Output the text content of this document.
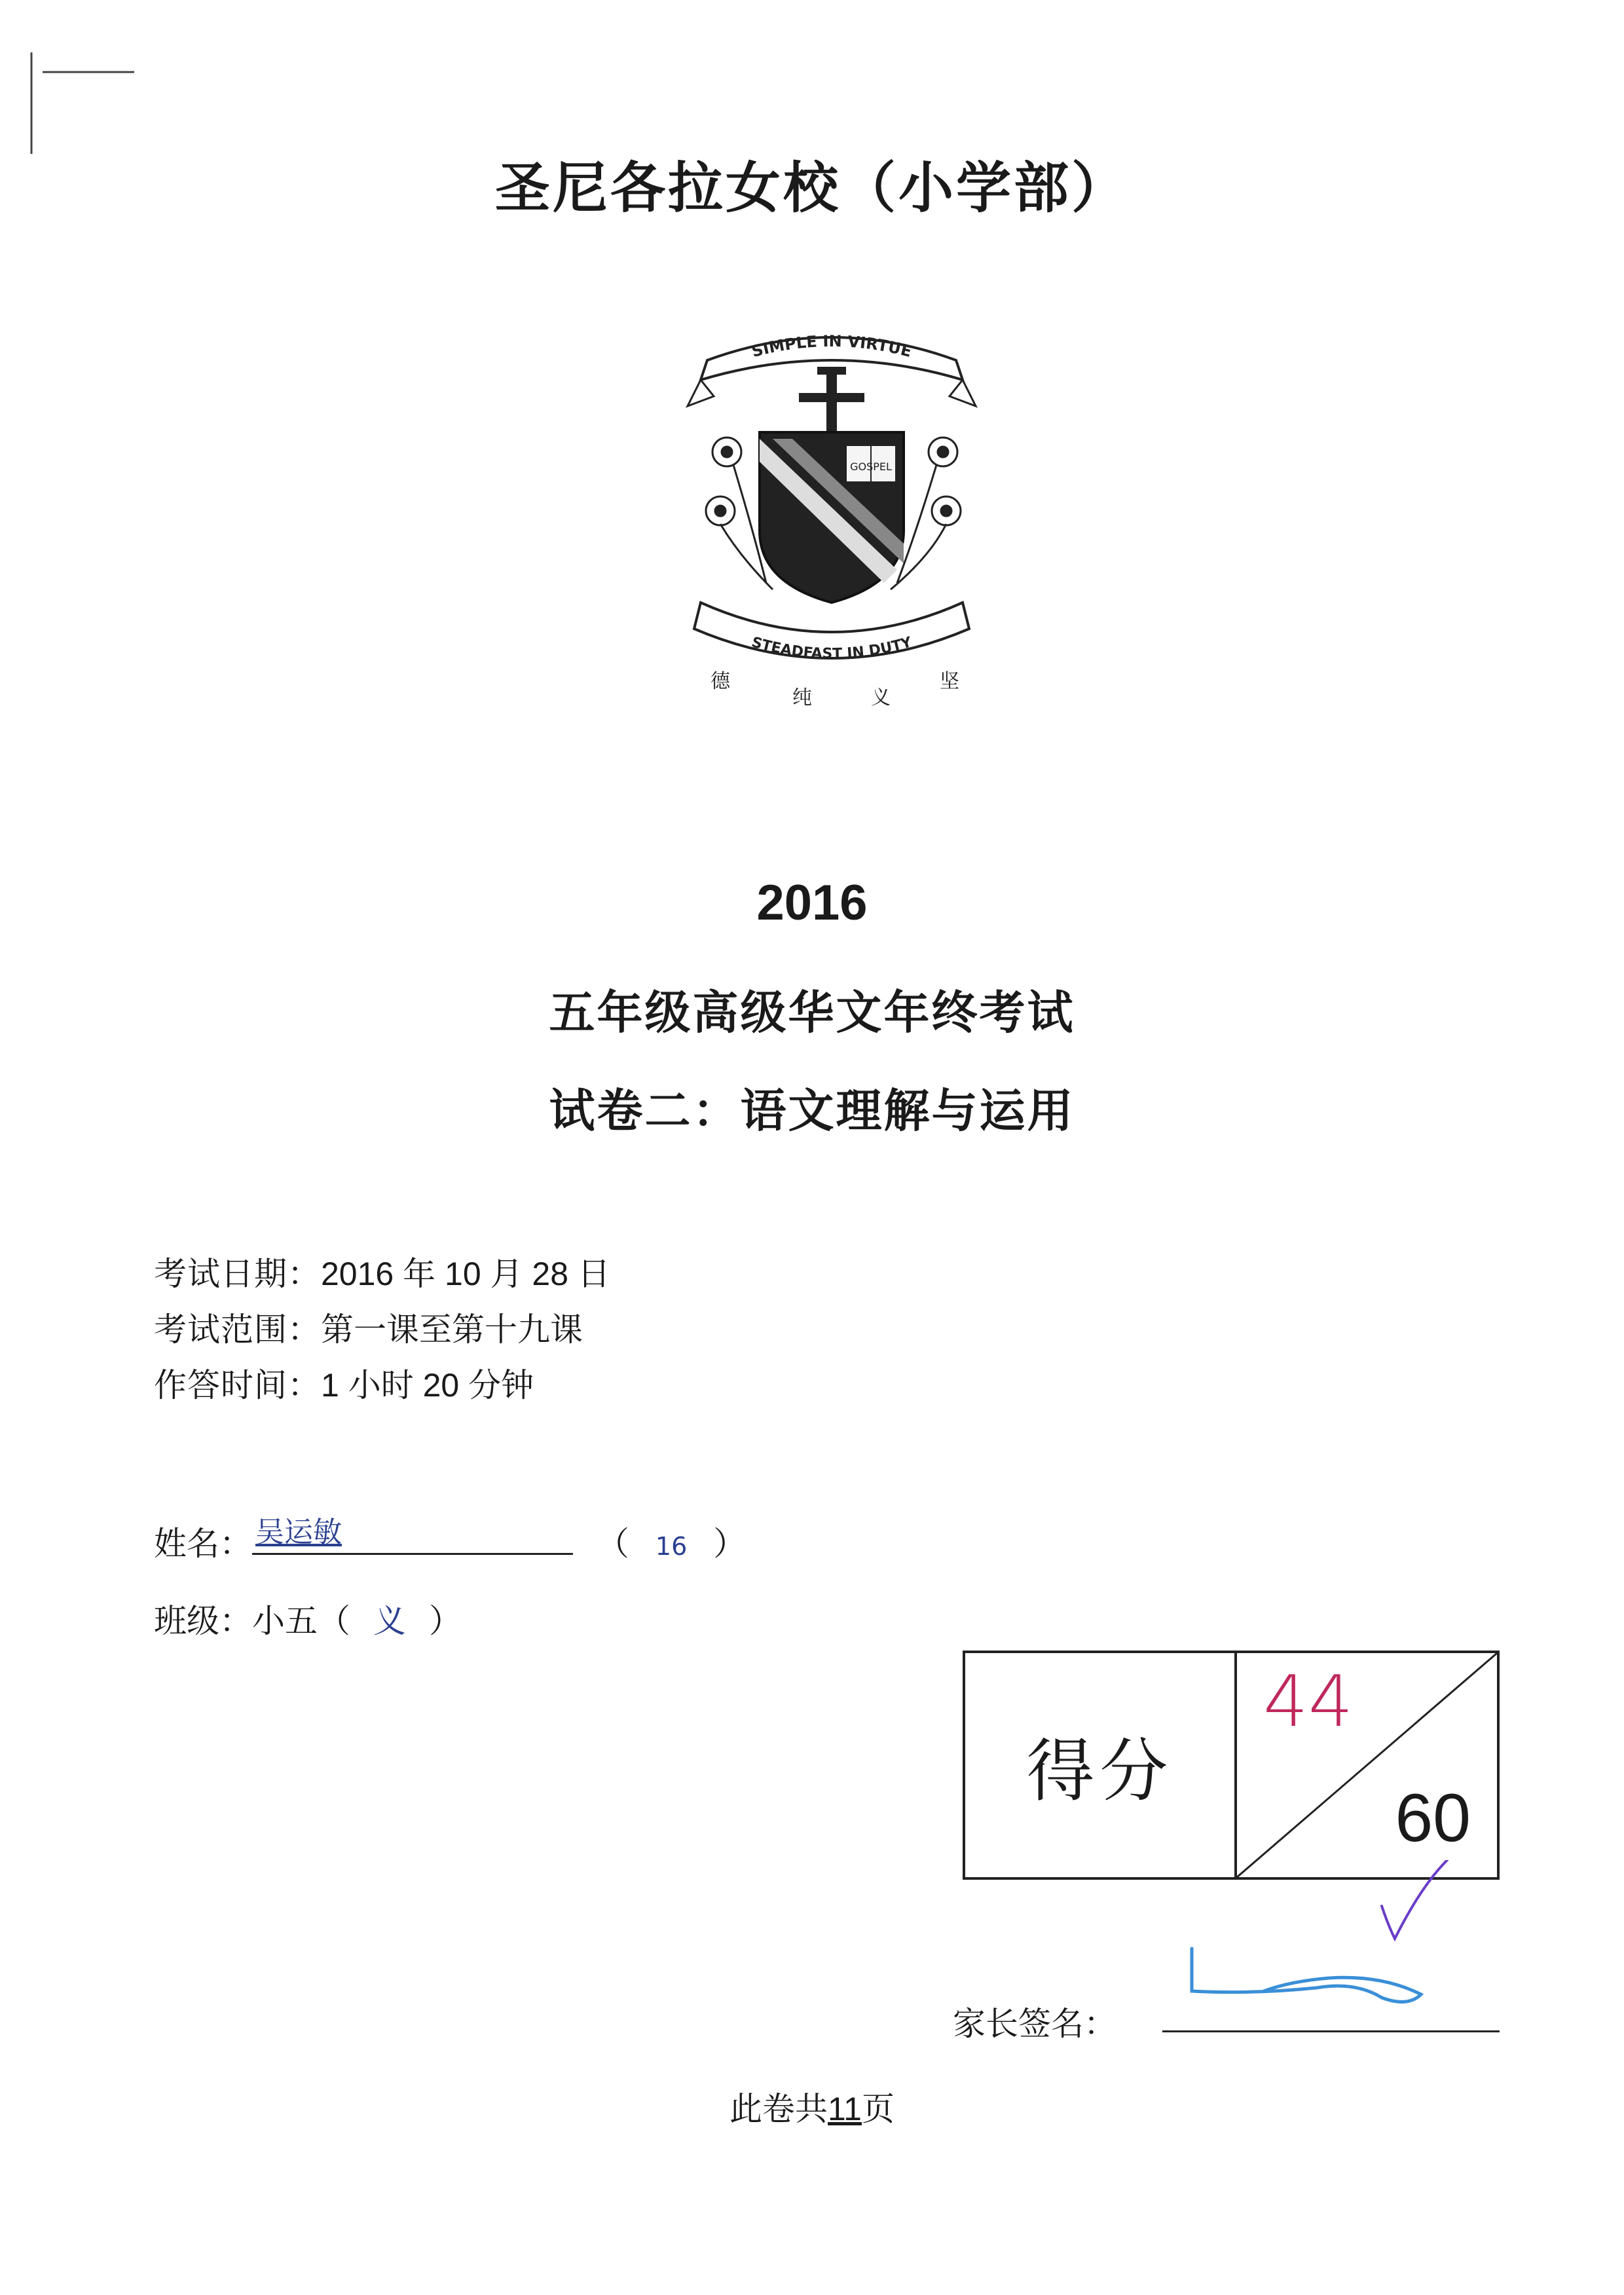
圣尼各拉女校（小学部）
SIMPLE IN VIRTUE
GOSPEL
STEADFAST IN DUTY
德
纯	义
坚
2016
五年级高级华文年终考试
试卷二：语文理解与运用
考试日期：2016 年 10 月 28 日
考试范围：第一课至第十九课
作答时间：1 小时 20 分钟
姓名： 吴运敏	（ 16 ）
班级：小五（ 义 ）
得分
44
60
家长签名：
此卷共11页
